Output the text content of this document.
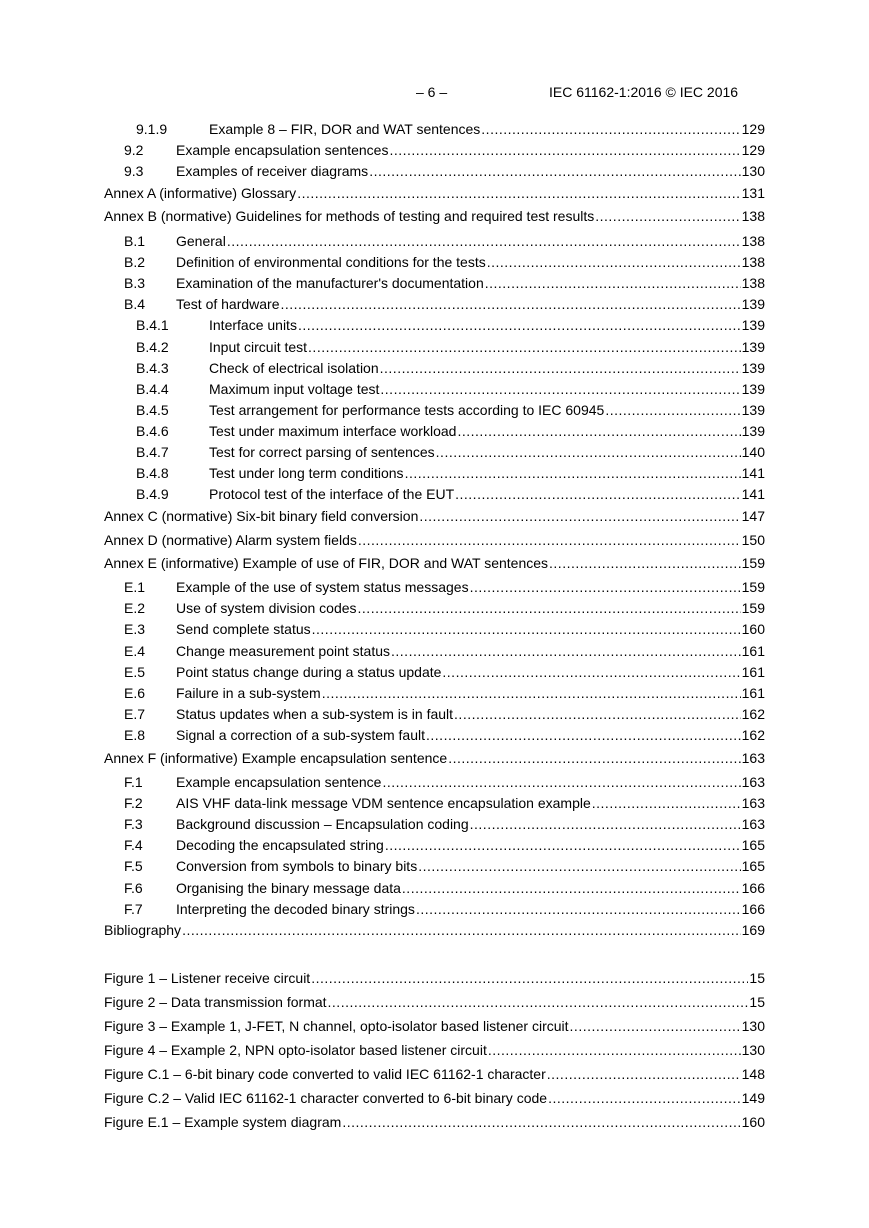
– 6 –	IEC 61162-1:2016 © IEC 2016
9.1.9	Example 8 – FIR, DOR and WAT sentences .....	129
9.2	Example encapsulation sentences .....	129
9.3	Examples of receiver diagrams .....	130
Annex A (informative) Glossary .....	131
Annex B (normative) Guidelines for methods of testing and required test results .....	138
B.1	General .....	138
B.2	Definition of environmental conditions for the tests .....	138
B.3	Examination of the manufacturer's documentation .....	138
B.4	Test of hardware .....	139
B.4.1	Interface units .....	139
B.4.2	Input circuit test .....	139
B.4.3	Check of electrical isolation .....	139
B.4.4	Maximum input voltage test .....	139
B.4.5	Test arrangement for performance tests according to IEC 60945 .....	139
B.4.6	Test under maximum interface workload .....	139
B.4.7	Test for correct parsing of sentences .....	140
B.4.8	Test under long term conditions .....	141
B.4.9	Protocol test of the interface of the EUT .....	141
Annex C (normative) Six-bit binary field conversion .....	147
Annex D (normative) Alarm system fields .....	150
Annex E (informative) Example of use of FIR, DOR and WAT sentences .....	159
E.1	Example of the use of system status messages .....	159
E.2	Use of system division codes .....	159
E.3	Send complete status .....	160
E.4	Change measurement point status .....	161
E.5	Point status change during a status update .....	161
E.6	Failure in a sub-system .....	161
E.7	Status updates when a sub-system is in fault .....	162
E.8	Signal a correction of a sub-system fault .....	162
Annex F (informative) Example encapsulation sentence .....	163
F.1	Example encapsulation sentence .....	163
F.2	AIS VHF data-link message VDM sentence encapsulation example .....	163
F.3	Background discussion – Encapsulation coding .....	163
F.4	Decoding the encapsulated string .....	165
F.5	Conversion from symbols to binary bits .....	165
F.6	Organising the binary message data .....	166
F.7	Interpreting the decoded binary strings .....	166
Bibliography .....	169
Figure 1 – Listener receive circuit .....	15
Figure 2 – Data transmission format .....	15
Figure 3 – Example 1, J-FET, N channel, opto-isolator based listener circuit .....	130
Figure 4 – Example 2, NPN opto-isolator based listener circuit .....	130
Figure C.1 – 6-bit binary code converted to valid IEC 61162-1 character .....	148
Figure C.2 – Valid IEC 61162-1 character converted to 6-bit binary code .....	149
Figure E.1 – Example system diagram .....	160
